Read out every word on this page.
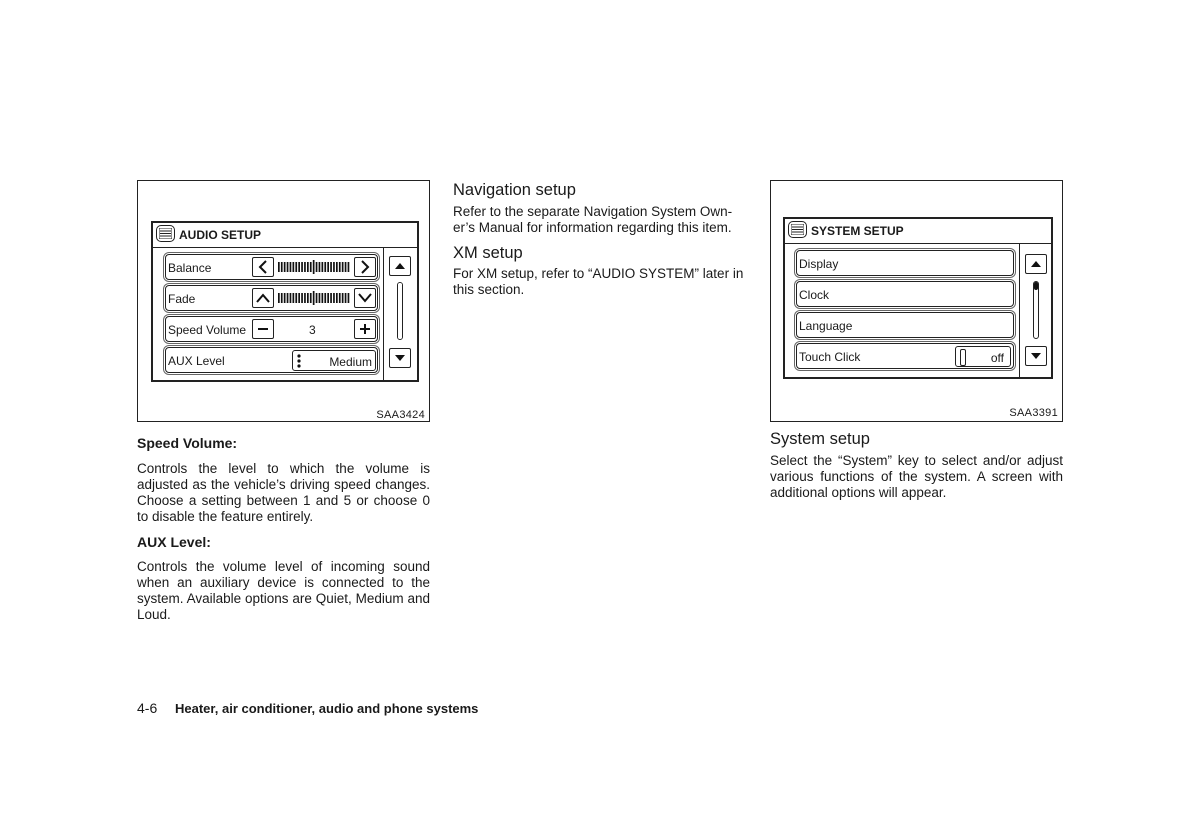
AUDIO SETUP
Balance
Fade
Speed Volume	3
AUX Level	Medium
SAA3424
SYSTEM SETUP
Display
Clock
Language
Touch Click	off
SAA3391
Speed Volume:

Controls the level to which the volume is adjusted as the vehicle’s driving speed changes. Choose a setting between 1 and 5 or choose 0 to disable the feature entirely.

AUX Level:

Controls the volume level of incoming sound when an auxiliary device is connected to the system. Available options are Quiet, Medium and Loud.

Navigation setup
Refer to the separate Navigation System Own-
er’s Manual for information regarding this item.
XM setup
For XM setup, refer to “AUDIO SYSTEM” later in
this section.
System setup

Select the “System” key to select and/or adjust various functions of the system. A screen with additional options will appear.

4-6 Heater, air conditioner, audio and phone systems
